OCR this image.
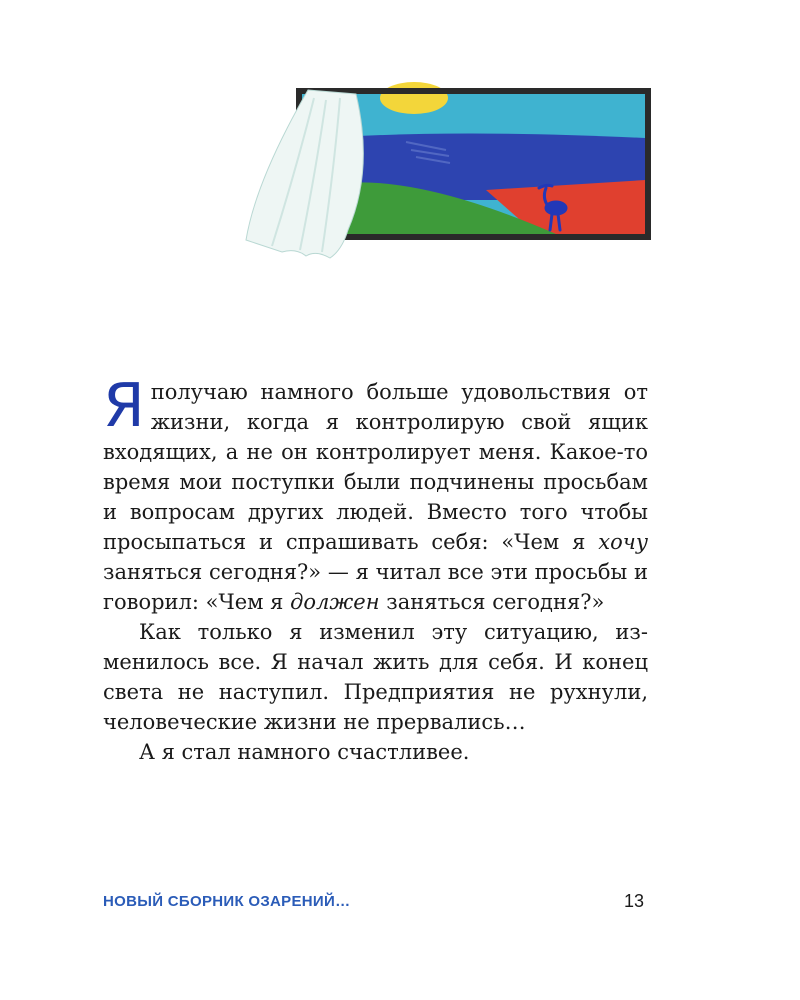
Я получаю намного больше удовольствия от жизни, когда я контролирую свой ящик входящих, а не он контролирует меня. Какое-то время мои поступки были подчинены просьбам и вопросам других людей. Вместо того чтобы просыпаться и спрашивать себя: «Чем я хочу заняться сегодня?» — я читал все эти просьбы и говорил: «Чем я должен заняться сегодня?»

Как только я изменил эту ситуацию, изменилось все. Я начал жить для себя. И конец света не наступил. Предприятия не рухнули, человеческие жизни не прервались…

А я стал намного счастливее.

НОВЫЙ СБОРНИК ОЗАРЕНИЙ…	13
